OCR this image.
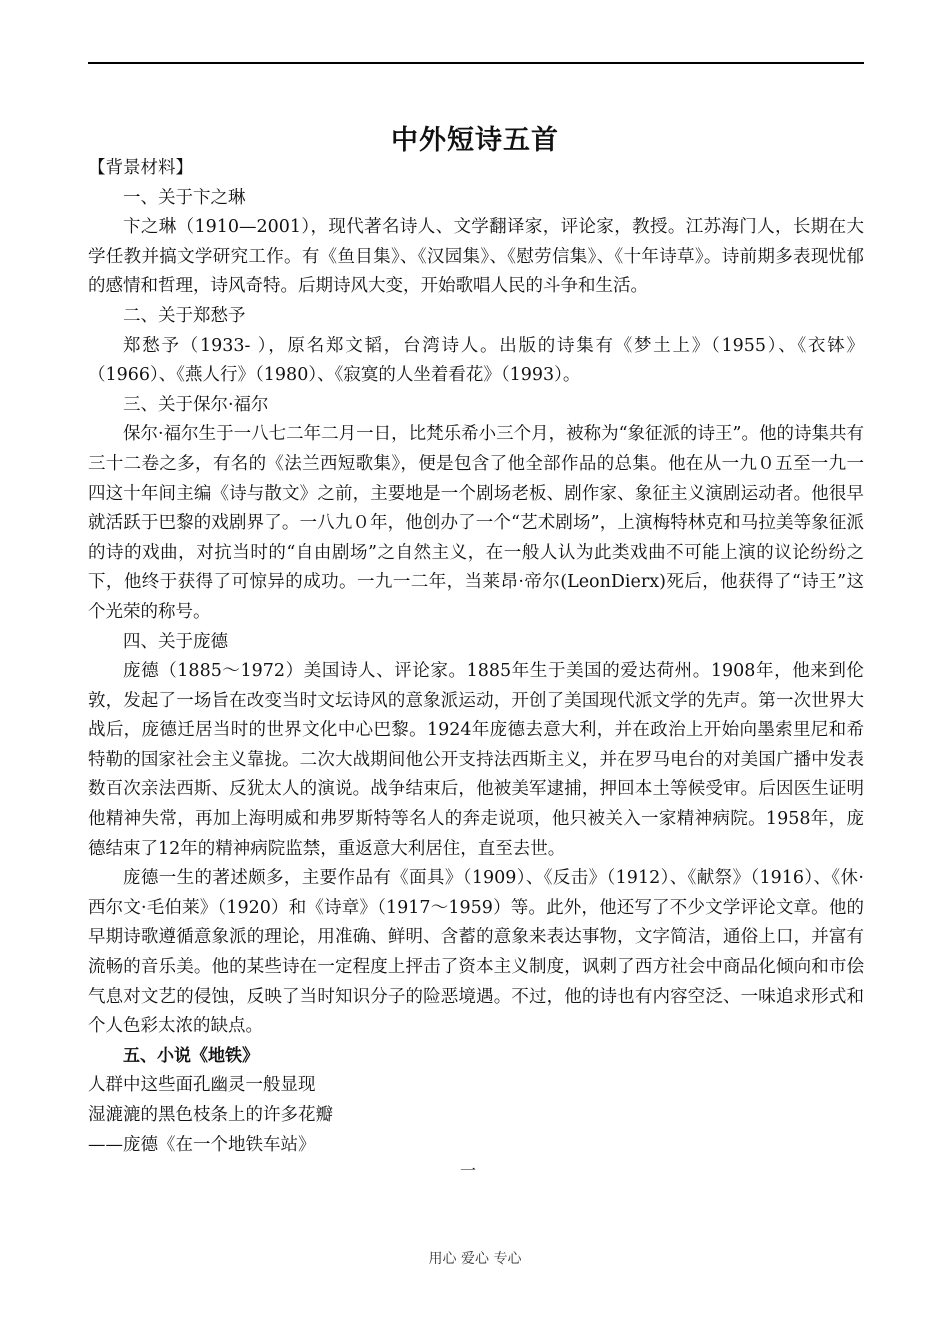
中外短诗五首

【背景材料】

一、关于卞之琳

卞之琳（1910—2001），现代著名诗人、文学翻译家，评论家，教授。江苏海门人，长期在大学任教并搞文学研究工作。有《鱼目集》、《汉园集》、《慰劳信集》、《十年诗草》。诗前期多表现忧郁的感情和哲理，诗风奇特。后期诗风大变，开始歌唱人民的斗争和生活。

二、关于郑愁予

郑愁予（1933- ），原名郑文韬，台湾诗人。出版的诗集有《梦土上》（1955）、《衣钵》（1966）、《燕人行》（1980）、《寂寞的人坐着看花》（1993）。

三、关于保尔·福尔

保尔·福尔生于一八七二年二月一日，比梵乐希小三个月，被称为“象征派的诗王”。他的诗集共有三十二卷之多，有名的《法兰西短歌集》，便是包含了他全部作品的总集。他在从一九０五至一九一四这十年间主编《诗与散文》之前，主要地是一个剧场老板、剧作家、象征主义演剧运动者。他很早就活跃于巴黎的戏剧界了。一八九０年，他创办了一个“艺术剧场”，上演梅特林克和马拉美等象征派的诗的戏曲，对抗当时的“自由剧场”之自然主义，在一般人认为此类戏曲不可能上演的议论纷纷之下，他终于获得了可惊异的成功。一九一二年，当莱昂·帝尔(LeonDierx)死后，他获得了“诗王”这个光荣的称号。

四、关于庞德

庞德（1885～1972）美国诗人、评论家。1885年生于美国的爱达荷州。1908年，他来到伦敦，发起了一场旨在改变当时文坛诗风的意象派运动，开创了美国现代派文学的先声。第一次世界大战后，庞德迁居当时的世界文化中心巴黎。1924年庞德去意大利，并在政治上开始向墨索里尼和希特勒的国家社会主义靠拢。二次大战期间他公开支持法西斯主义，并在罗马电台的对美国广播中发表数百次亲法西斯、反犹太人的演说。战争结束后，他被美军逮捕，押回本土等候受审。后因医生证明他精神失常，再加上海明威和弗罗斯特等名人的奔走说项，他只被关入一家精神病院。1958年，庞德结束了12年的精神病院监禁，重返意大利居住，直至去世。

庞德一生的著述颇多，主要作品有《面具》（1909）、《反击》（1912）、《献祭》（1916）、《休·西尔文·毛伯莱》（1920）和《诗章》（1917～1959）等。此外，他还写了不少文学评论文章。他的早期诗歌遵循意象派的理论，用准确、鲜明、含蓄的意象来表达事物，文字简洁，通俗上口，并富有流畅的音乐美。他的某些诗在一定程度上抨击了资本主义制度，讽刺了西方社会中商品化倾向和市侩气息对文艺的侵蚀，反映了当时知识分子的险恶境遇。不过，他的诗也有内容空泛、一味追求形式和个人色彩太浓的缺点。

五、小说《地铁》

人群中这些面孔幽灵一般显现

湿漉漉的黑色枝条上的许多花瓣

——庞德《在一个地铁车站》

一
用心 爱心 专心
